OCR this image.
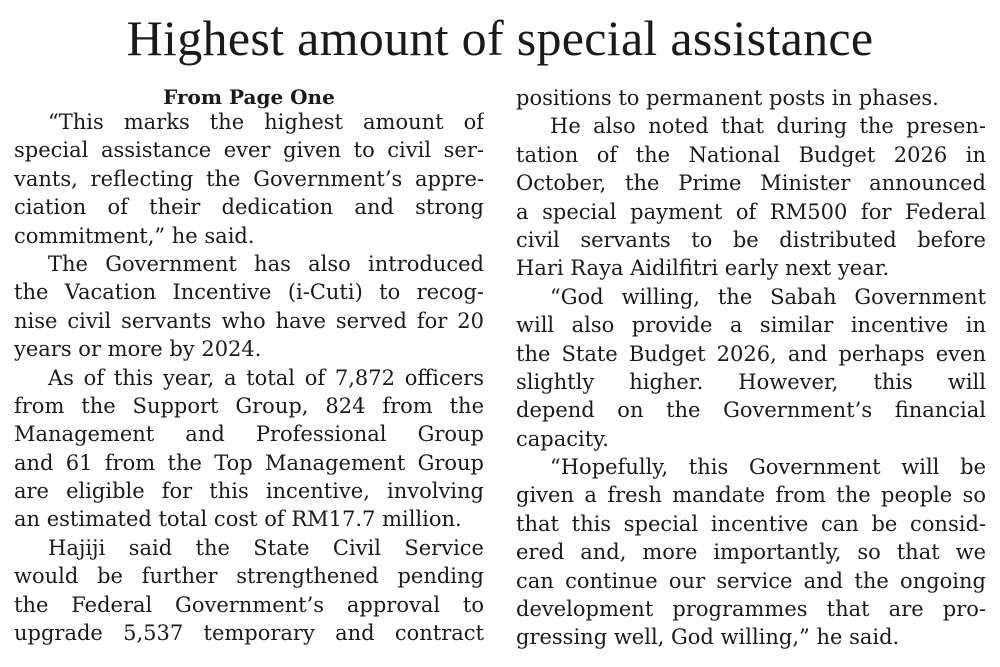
Highest amount of special assistance
From Page One
“This marks the highest amount of
special assistance ever given to civil ser-
vants, reflecting the Government’s appre-
ciation of their dedication and strong
commitment,” he said.
The Government has also introduced
the Vacation Incentive (i-Cuti) to recog-
nise civil servants who have served for 20
years or more by 2024.
As of this year, a total of 7,872 officers
from the Support Group, 824 from the
Management and Professional Group
and 61 from the Top Management Group
are eligible for this incentive, involving
an estimated total cost of RM17.7 million.
Hajiji said the State Civil Service
would be further strengthened pending
the Federal Government’s approval to
upgrade 5,537 temporary and contract
positions to permanent posts in phases.
He also noted that during the presen-
tation of the National Budget 2026 in
October, the Prime Minister announced
a special payment of RM500 for Federal
civil servants to be distributed before
Hari Raya Aidilfitri early next year.
“God willing, the Sabah Government
will also provide a similar incentive in
the State Budget 2026, and perhaps even
slightly higher. However, this will
depend on the Government’s financial
capacity.
“Hopefully, this Government will be
given a fresh mandate from the people so
that this special incentive can be consid-
ered and, more importantly, so that we
can continue our service and the ongoing
development programmes that are pro-
gressing well, God willing,” he said.
